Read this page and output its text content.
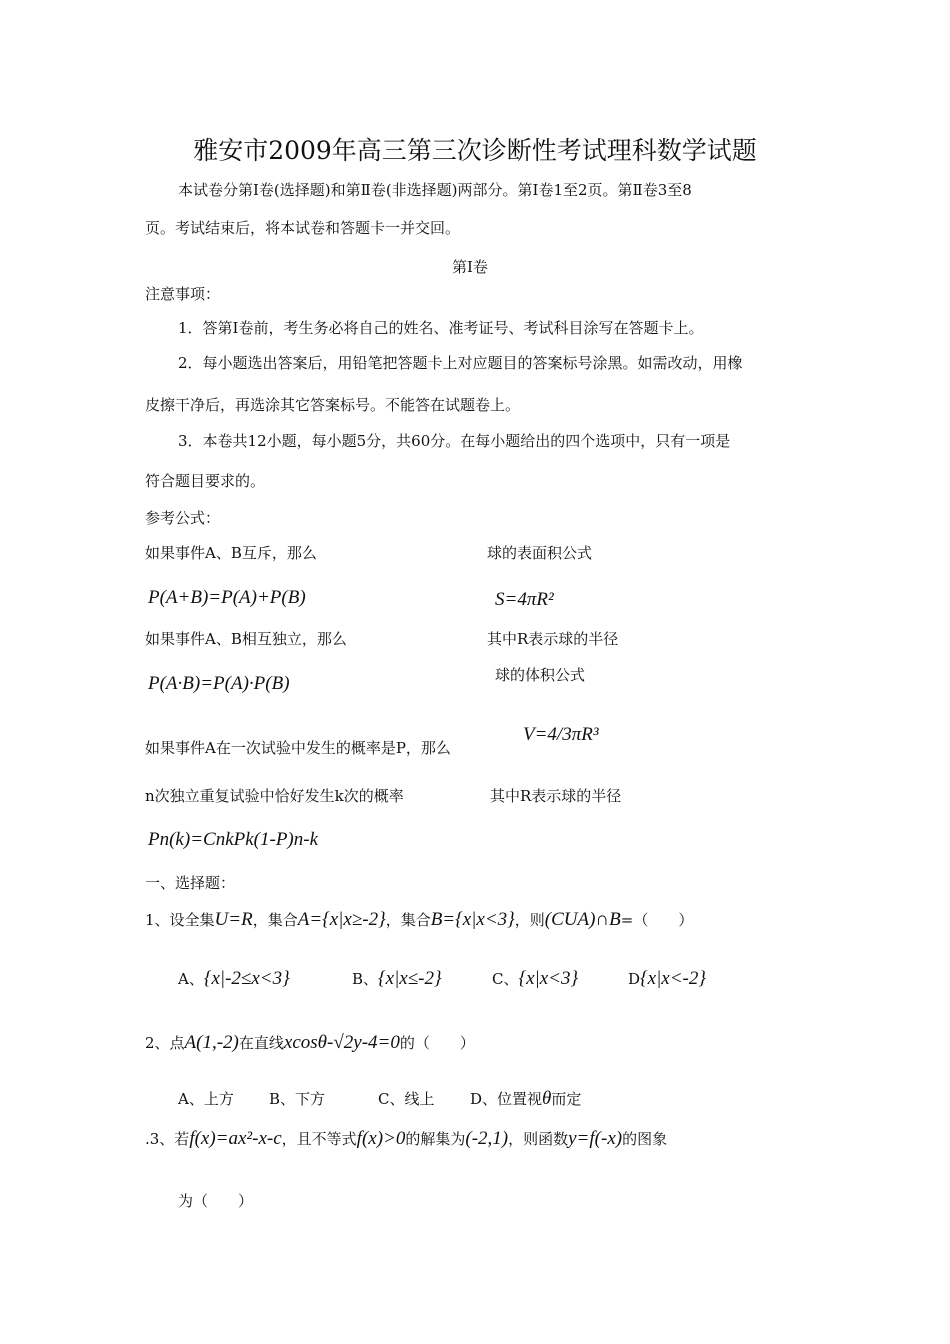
雅安市2009年高三第三次诊断性考试理科数学试题
本试卷分第Ⅰ卷(选择题)和第Ⅱ卷(非选择题)两部分。第Ⅰ卷1至2页。第Ⅱ卷3至8
页。考试结束后，将本试卷和答题卡一并交回。
第Ⅰ卷
注意事项：
1．答第Ⅰ卷前，考生务必将自己的姓名、准考证号、考试科目涂写在答题卡上。
2．每小题选出答案后，用铅笔把答题卡上对应题目的答案标号涂黑。如需改动，用橡
皮擦干净后，再选涂其它答案标号。不能答在试题卷上。
3．本卷共12小题，每小题5分，共60分。在每小题给出的四个选项中，只有一项是
符合题目要求的。
参考公式：
如果事件A、B互斥，那么
P(A+B)=P(A)+P(B)
球的表面积公式
S=4πR²
如果事件A、B相互独立，那么	其中R表示球的半径
球的体积公式
P(A·B)=P(A)·P(B)
如果事件A在一次试验中发生的概率是P，那么
V=4/3πR³
n次独立重复试验中恰好发生k次的概率	其中R表示球的半径
Pn(k)=CnkPk(1-P)n-k
一、选择题：
1、设全集U=R，集合A={x|x≥-2}，集合B={x|x<3}，则(CUA)∩B=（　　）
A、{x|-2≤x<3}	B、{x|x≤-2}	C、{x|x<3}	D{x|x<-2}
2、点A(1,-2)在直线xcosθ-√2y-4=0的（　　）
A、上方 B、下方	C、线上 D、位置视θ而定
.3、若f(x)=ax²-x-c，且不等式f(x)>0的解集为(-2,1)，则函数y=f(-x)的图象
为（　　）
